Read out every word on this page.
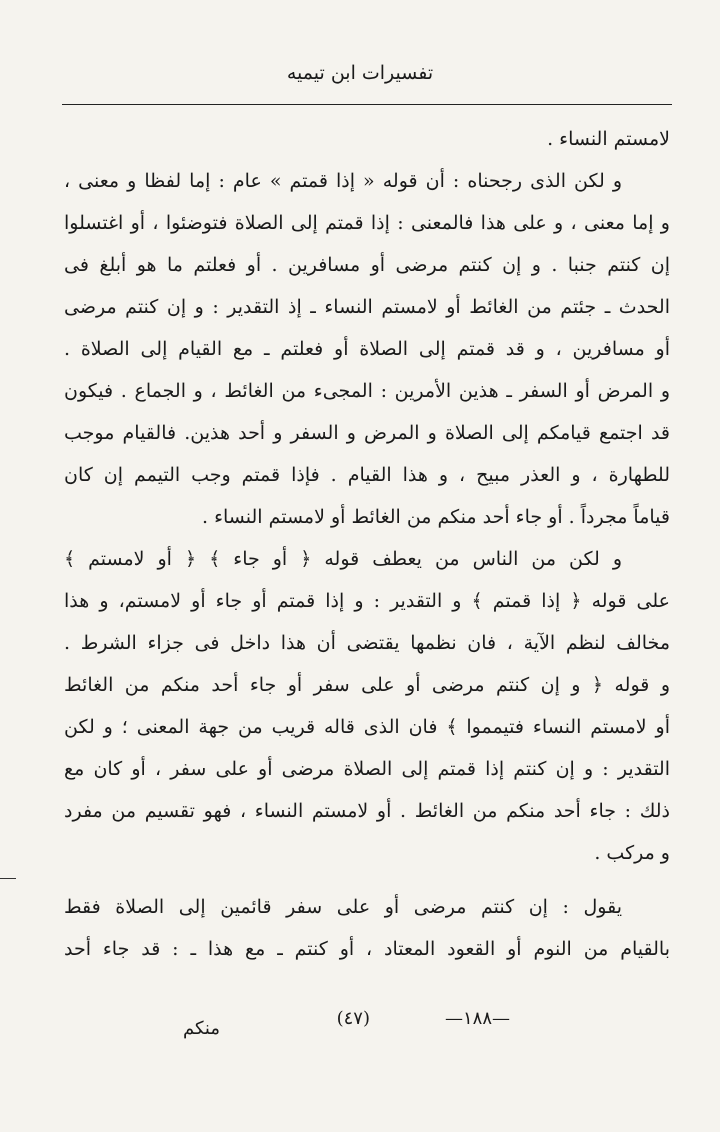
تفسيرات ابن تيميه
لامستم النساء .
و لكن الذى رجحناه : أن قوله « إذا قمتم » عام : إما لفظا و معنى ،
و إما معنى ، و على هذا فالمعنى : إذا قمتم إلى الصلاة فتوضئوا ، أو اغتسلوا
إن كنتم جنبا . و إن كنتم مرضى أو مسافرين . أو فعلتم ما هو أبلغ فى
الحدث ـ جئتم من الغائط أو لامستم النساء ـ إذ التقدير : و إن كنتم مرضى
أو مسافرين ، و قد قمتم إلى الصلاة أو فعلتم ـ مع القيام إلى الصلاة .
و المرض أو السفر ـ هذين الأمرين : المجىء من الغائط ، و الجماع . فيكون
قد اجتمع قيامكم إلى الصلاة و المرض و السفر و أحد هذين. فالقيام موجب
للطهارة ، و العذر مبيح ، و هذا القيام . فإذا قمتم وجب التيمم إن كان
قياماً مجرداً . أو جاء أحد منكم من الغائط أو لامستم النساء .
و لكن من الناس من يعطف قوله ﴿ أو جاء ﴾ ﴿ أو لامستم ﴾
على قوله ﴿ إذا قمتم ﴾ و التقدير : و إذا قمتم أو جاء أو لامستم، و هذا
مخالف لنظم الآية ، فان نظمها يقتضى أن هذا داخل فى جزاء الشرط .
و قوله ﴿ و إن كنتم مرضى أو على سفر أو جاء أحد منكم من الغائط
أو لامستم النساء فتيمموا ﴾ فان الذى قاله قريب من جهة المعنى ؛ و لكن
التقدير : و إن كنتم إذا قمتم إلى الصلاة مرضى أو على سفر ، أو كان مع
ذلك : جاء أحد منكم من الغائط . أو لامستم النساء ، فهو تقسيم من مفرد
و مركب .
يقول : إن كنتم مرضى أو على سفر قائمين إلى الصلاة فقط
بالقيام من النوم أو القعود المعتاد ، أو كنتم ـ مع هذا ـ : قد جاء أحد
—١٨٨—
(٤٧)
منكم
